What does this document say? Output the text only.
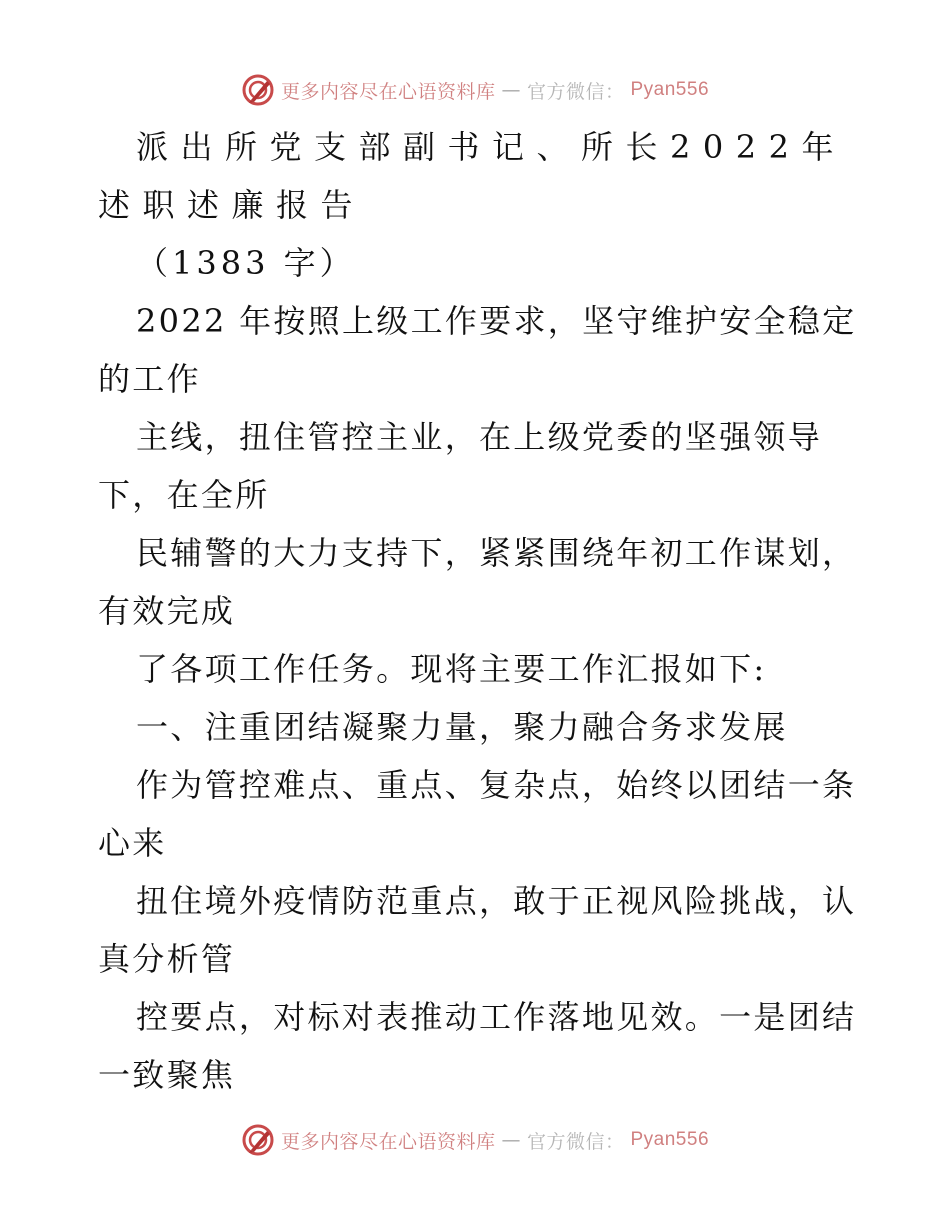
更多内容尽在心语资料库 — 官方微信： Pyan556
派出所党支部副书记、所长2022年
述职述廉报告
（1383 字）
2022 年按照上级工作要求，坚守维护安全稳定
的工作
主线，扭住管控主业，在上级党委的坚强领导
下，在全所
民辅警的大力支持下，紧紧围绕年初工作谋划，
有效完成
了各项工作任务。现将主要工作汇报如下:
一、注重团结凝聚力量，聚力融合务求发展
作为管控难点、重点、复杂点，始终以团结一条
心来
扭住境外疫情防范重点，敢于正视风险挑战，认
真分析管
控要点，对标对表推动工作落地见效。一是团结
一致聚焦
更多内容尽在心语资料库 — 官方微信： Pyan556
